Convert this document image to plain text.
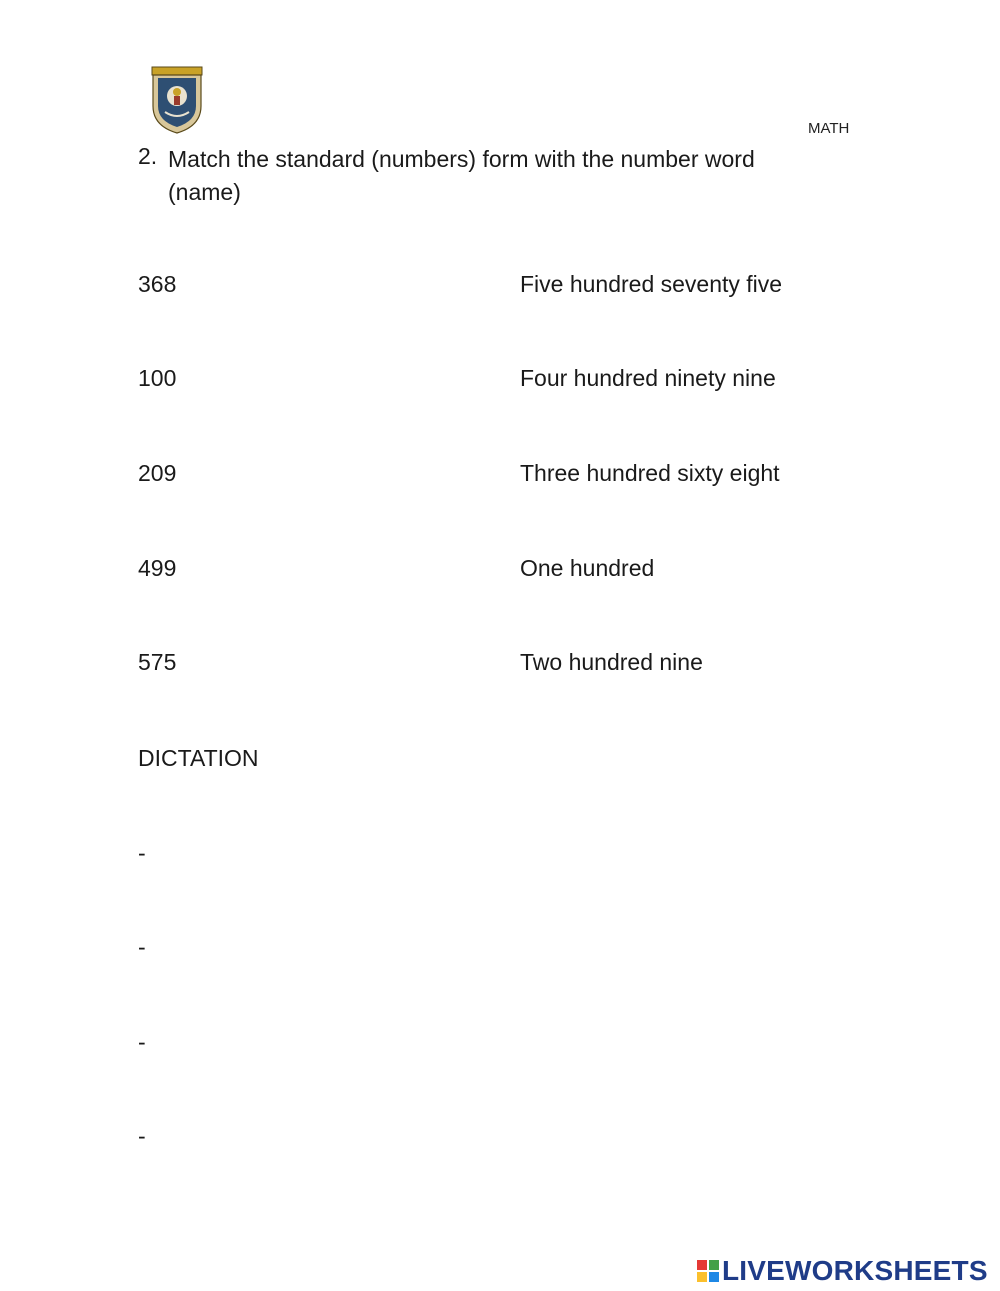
MATH
2. Match the standard (numbers) form with the number word (name)
368	Five hundred seventy five
100	Four hundred ninety nine
209	Three hundred sixty eight
499	One hundred
575	Two hundred nine
DICTATION
-
-
-
-
LIVEWORKSHEETS
